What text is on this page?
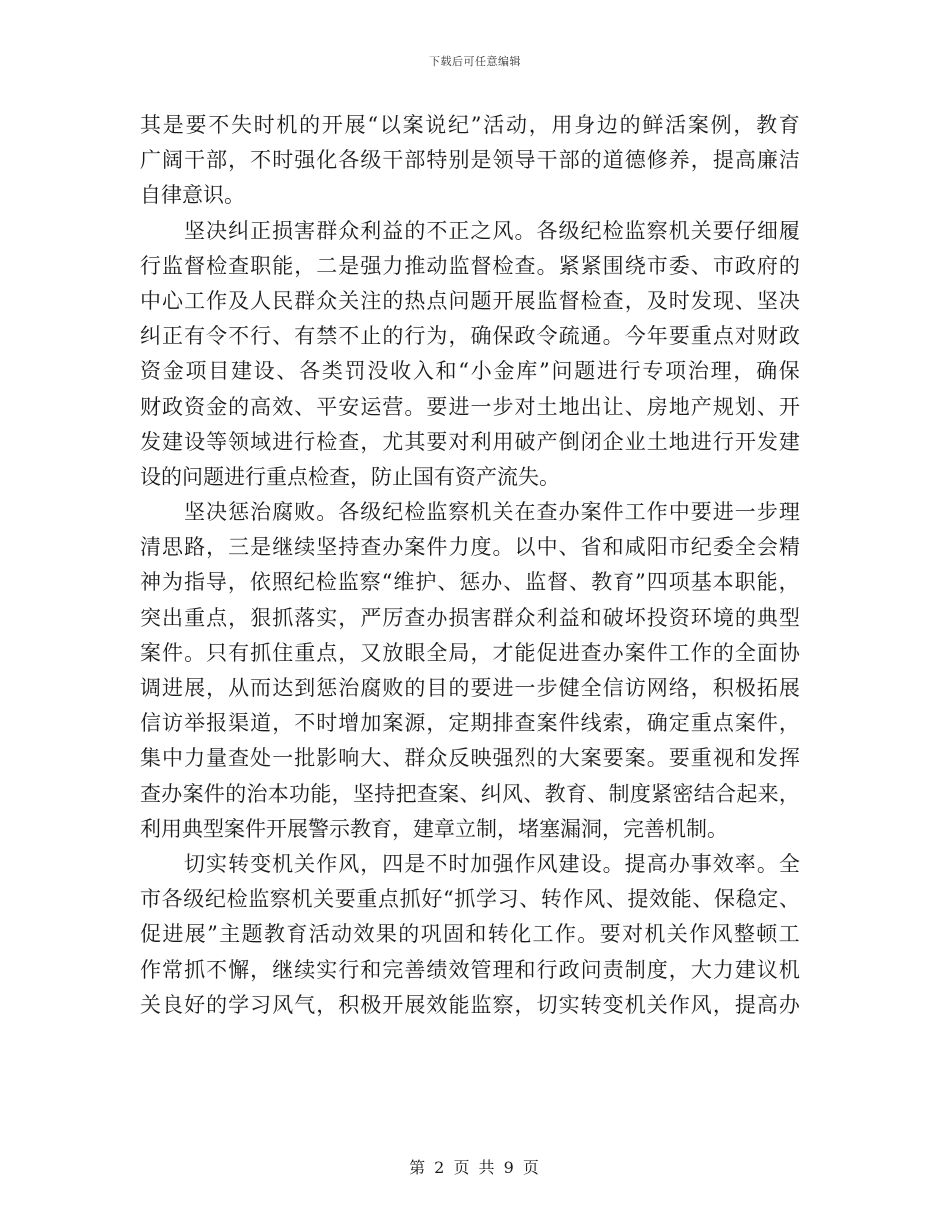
下载后可任意编辑
其 是 要 不 失 时 机 的 开 展 “ 以 案 说 纪 ” 活 动 ， 用 身 边 的 鲜 活 案 例 ， 教 育
广 阔 干 部 ， 不 时 强 化 各 级 干 部 特 别 是 领 导 干 部 的 道 德 修 养 ， 提 高 廉 洁
自 律 意 识 。
坚 决 纠 正 损 害 群 众 利 益 的 不 正 之 风 。 各 级 纪 检 监 察 机 关 要 仔 细 履
行 监 督 检 查 职 能 ， 二 是 强 力 推 动 监 督 检 查 。 紧 紧 围 绕 市 委 、 市 政 府 的
中 心 工 作 及 人 民 群 众 关 注 的 热 点 问 题 开 展 监 督 检 查 ， 及 时 发 现 、 坚 决
纠 正 有 令 不 行 、 有 禁 不 止 的 行 为 ， 确 保 政 令 疏 通 。 今 年 要 重 点 对 财 政
资 金 项 目 建 设 、 各 类 罚 没 收 入 和 “ 小 金 库 ” 问 题 进 行 专 项 治 理 ， 确 保
财 政 资 金 的 高 效 、 平 安 运 营 。 要 进 一 步 对 土 地 出 让 、 房 地 产 规 划 、 开
发 建 设 等 领 域 进 行 检 查 ， 尤 其 要 对 利 用 破 产 倒 闭 企 业 土 地 进 行 开 发 建
设 的 问 题 进 行 重 点 检 查 ， 防 止 国 有 资 产 流 失 。
坚 决 惩 治 腐 败 。 各 级 纪 检 监 察 机 关 在 查 办 案 件 工 作 中 要 进 一 步 理
清 思 路 ， 三 是 继 续 坚 持 查 办 案 件 力 度 。 以 中 、 省 和 咸 阳 市 纪 委 全 会 精
神 为 指 导 ， 依 照 纪 检 监 察 “ 维 护 、 惩 办 、 监 督 、 教 育 ” 四 项 基 本 职 能 ，
突 出 重 点 ， 狠 抓 落 实 ， 严 厉 查 办 损 害 群 众 利 益 和 破 坏 投 资 环 境 的 典 型
案 件 。 只 有 抓 住 重 点 ， 又 放 眼 全 局 ， 才 能 促 进 查 办 案 件 工 作 的 全 面 协
调 进 展 ， 从 而 达 到 惩 治 腐 败 的 目 的 要 进 一 步 健 全 信 访 网 络 ， 积 极 拓 展
信 访 举 报 渠 道 ， 不 时 增 加 案 源 ， 定 期 排 查 案 件 线 索 ， 确 定 重 点 案 件 ，
集 中 力 量 查 处 一 批 影 响 大 、 群 众 反 映 强 烈 的 大 案 要 案 。 要 重 视 和 发 挥
查 办 案 件 的 治 本 功 能 ， 坚 持 把 查 案 、 纠 风 、 教 育 、 制 度 紧 密 结 合 起 来 ，
利 用 典 型 案 件 开 展 警 示 教 育 ， 建 章 立 制 ， 堵 塞 漏 洞 ， 完 善 机 制 。
切 实 转 变 机 关 作 风 ， 四 是 不 时 加 强 作 风 建 设 。 提 高 办 事 效 率 。 全
市 各 级 纪 检 监 察 机 关 要 重 点 抓 好 “ 抓 学 习 、 转 作 风 、 提 效 能 、 保 稳 定 、
促 进 展 ” 主 题 教 育 活 动 效 果 的 巩 固 和 转 化 工 作 。 要 对 机 关 作 风 整 顿 工
作 常 抓 不 懈 ， 继 续 实 行 和 完 善 绩 效 管 理 和 行 政 问 责 制 度 ， 大 力 建 议 机
关 良 好 的 学 习 风 气 ， 积 极 开 展 效 能 监 察 ， 切 实 转 变 机 关 作 风 ， 提 高 办
第 2 页 共 9 页
